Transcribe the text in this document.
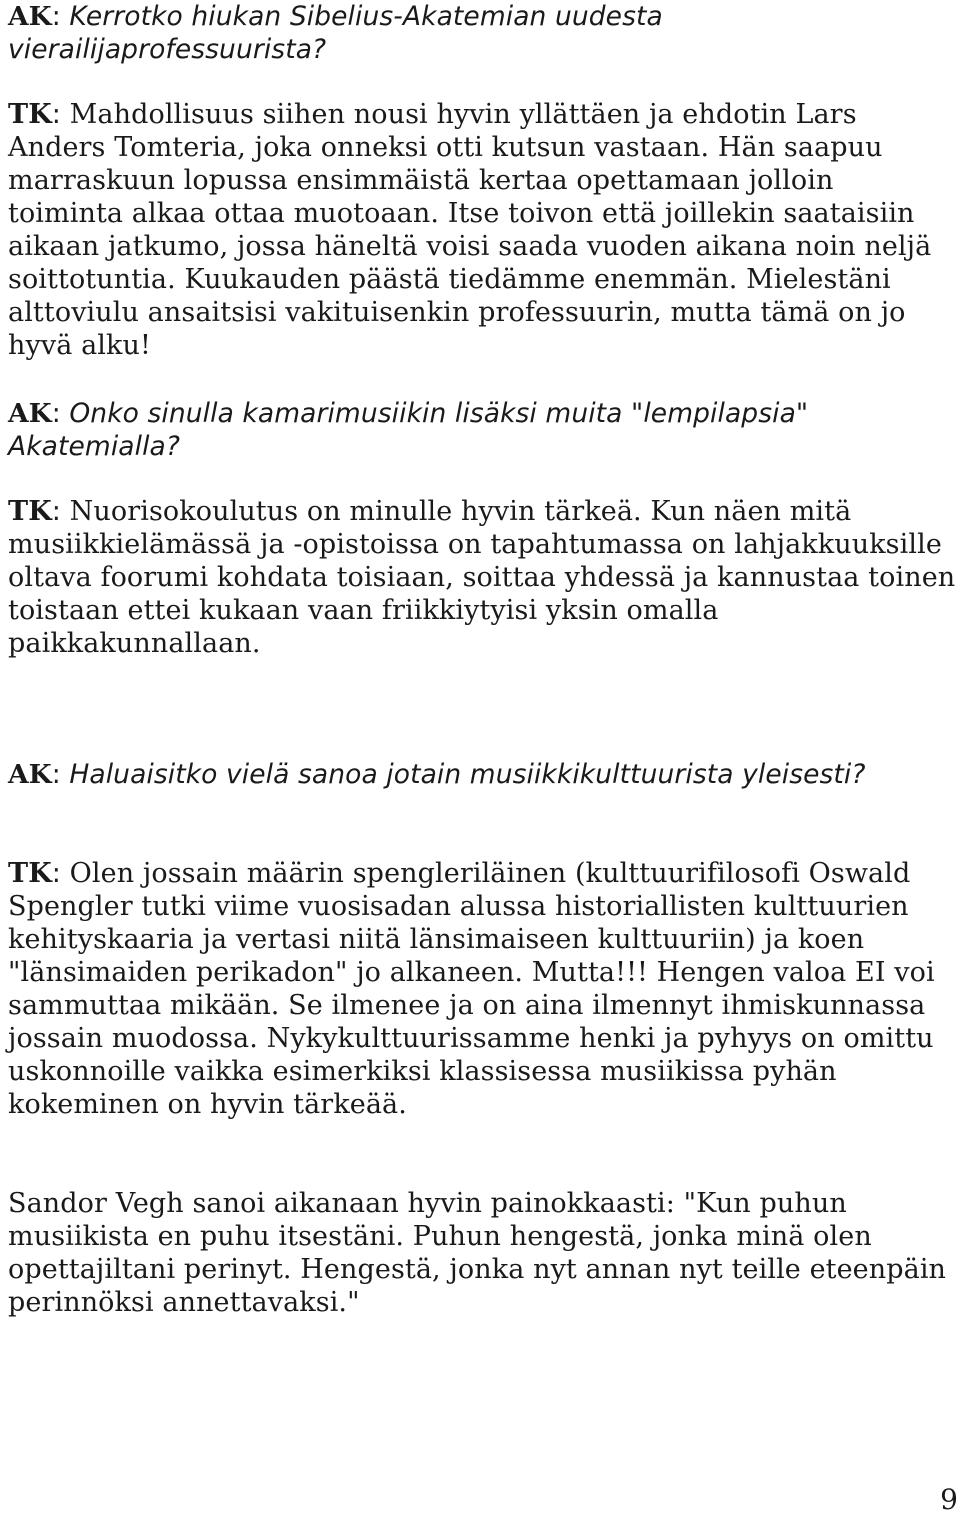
AK: Kerrotko hiukan Sibelius-Akatemian uudesta vierailijaprofessuurista?

TK: Mahdollisuus siihen nousi hyvin yllättäen ja ehdotin Lars Anders Tomteria, joka onneksi otti kutsun vastaan. Hän saapuu marraskuun lopussa ensimmäistä kertaa opettamaan jolloin toiminta alkaa ottaa muotoaan. Itse toivon että joillekin saataisiin aikaan jatkumo, jossa häneltä voisi saada vuoden aikana noin neljä soittotuntia. Kuukauden päästä tiedämme enemmän. Mielestäni alttoviulu ansaitsisi vakituisenkin professuurin, mutta tämä on jo hyvä alku!

AK: Onko sinulla kamarimusiikin lisäksi muita "lempilapsia" Akatemialla?

TK: Nuorisokoulutus on minulle hyvin tärkeä. Kun näen mitä musiikkielämässä ja -opistoissa on tapahtumassa on lahjakkuuksille oltava foorumi kohdata toisiaan, soittaa yhdessä ja kannustaa toinen toistaan ettei kukaan vaan friikkiytyisi yksin omalla paikkakunnallaan.

AK: Haluaisitko vielä sanoa jotain musiikkikulttuurista yleisesti?

TK: Olen jossain määrin spengleriläinen (kulttuurifilosofi Oswald Spengler tutki viime vuosisadan alussa historiallisten kulttuurien kehityskaaria ja vertasi niitä länsimaiseen kulttuuriin) ja koen "länsimaiden perikadon" jo alkaneen. Mutta!!! Hengen valoa EI voi sammuttaa mikään. Se ilmenee ja on aina ilmennyt ihmiskunnassa jossain muodossa. Nykykulttuurissamme henki ja pyhyys on omittu uskonnoille vaikka esimerkiksi klassisessa musiikissa pyhän kokeminen on hyvin tärkeää.

Sandor Vegh sanoi aikanaan hyvin painokkaasti: "Kun puhun musiikista en puhu itsestäni. Puhun hengestä, jonka minä olen opettajiltani perinyt. Hengestä, jonka nyt annan nyt teille eteenpäin perinnöksi annettavaksi."

9
